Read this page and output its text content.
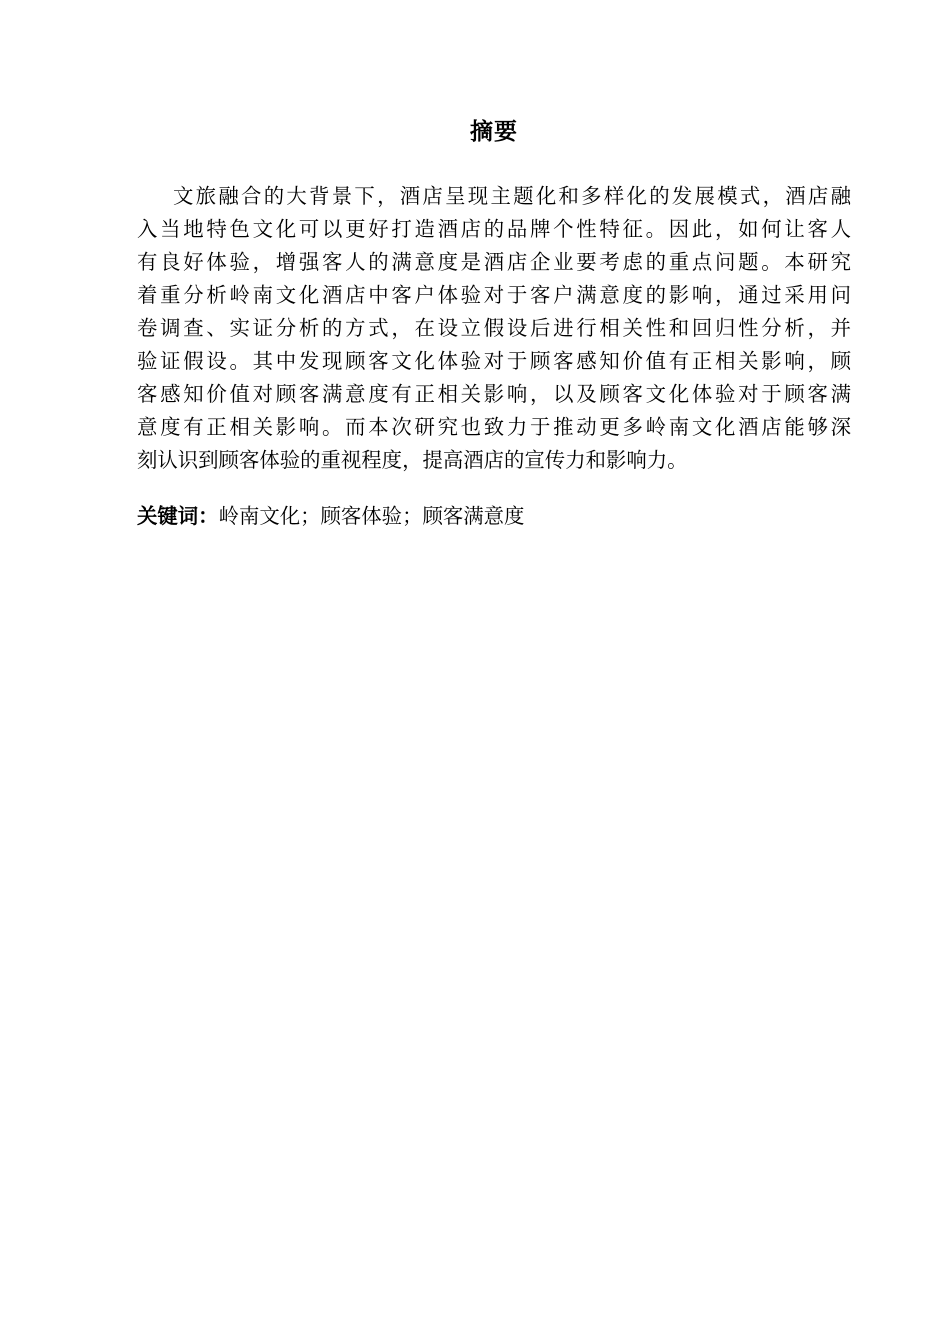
摘要
文旅融合的大背景下，酒店呈现主题化和多样化的发展模式，酒店融
入当地特色文化可以更好打造酒店的品牌个性特征。因此，如何让客人
有良好体验，增强客人的满意度是酒店企业要考虑的重点问题。本研究
着重分析岭南文化酒店中客户体验对于客户满意度的影响，通过采用问
卷调查、实证分析的方式，在设立假设后进行相关性和回归性分析，并
验证假设。其中发现顾客文化体验对于顾客感知价值有正相关影响，顾
客感知价值对顾客满意度有正相关影响，以及顾客文化体验对于顾客满
意度有正相关影响。而本次研究也致力于推动更多岭南文化酒店能够深
刻认识到顾客体验的重视程度，提高酒店的宣传力和影响力。
关键词：岭南文化；顾客体验；顾客满意度
